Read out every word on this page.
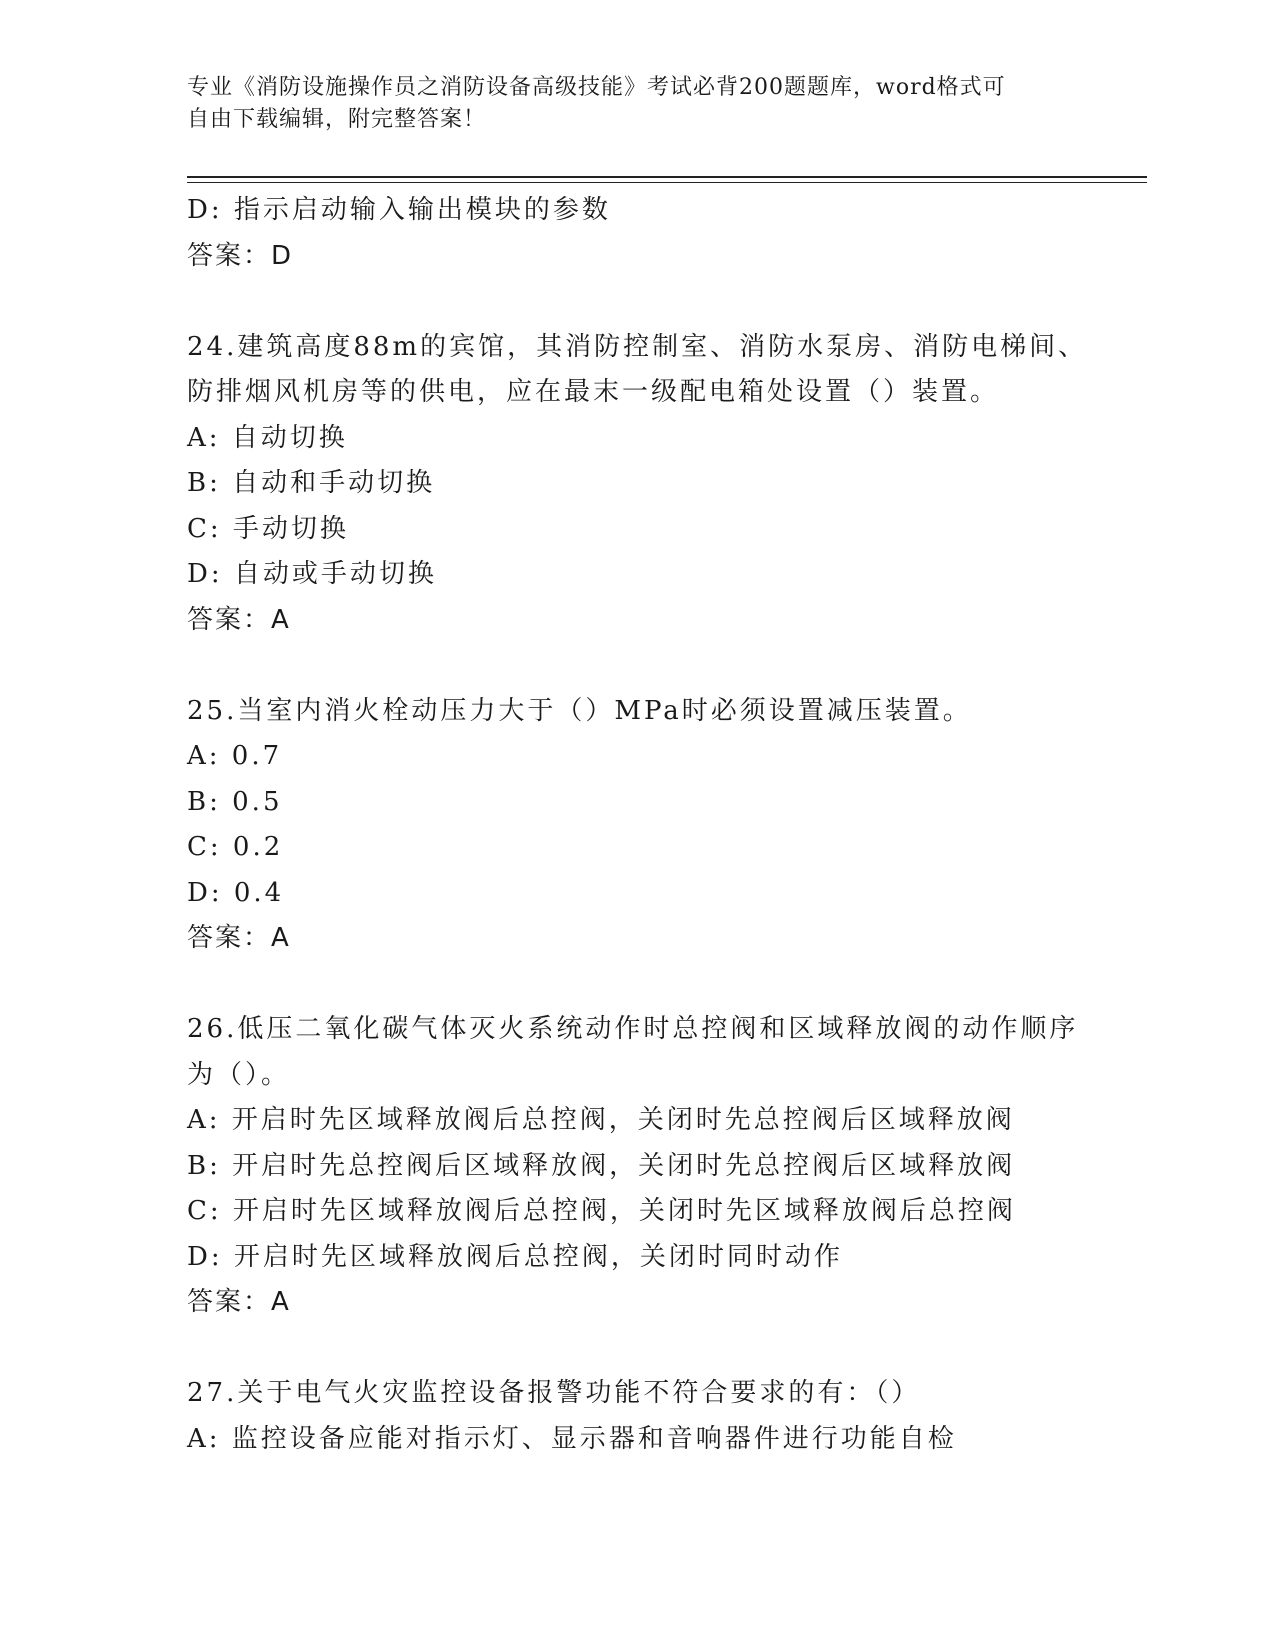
专业《消防设施操作员之消防设备高级技能》考试必背200题题库，word格式可
自由下载编辑，附完整答案！
D: 指示启动输入输出模块的参数
答案：D
24.建筑高度88m的宾馆，其消防控制室、消防水泵房、消防电梯间、
防排烟风机房等的供电，应在最末一级配电箱处设置（）装置。
A: 自动切换
B: 自动和手动切换
C: 手动切换
D: 自动或手动切换
答案：A
25.当室内消火栓动压力大于（）MPa时必须设置减压装置。
A: 0.7
B: 0.5
C: 0.2
D: 0.4
答案：A
26.低压二氧化碳气体灭火系统动作时总控阀和区域释放阀的动作顺序
为（）。
A: 开启时先区域释放阀后总控阀，关闭时先总控阀后区域释放阀
B: 开启时先总控阀后区域释放阀，关闭时先总控阀后区域释放阀
C: 开启时先区域释放阀后总控阀，关闭时先区域释放阀后总控阀
D: 开启时先区域释放阀后总控阀，关闭时同时动作
答案：A
27.关于电气火灾监控设备报警功能不符合要求的有：（）
A: 监控设备应能对指示灯、显示器和音响器件进行功能自检
